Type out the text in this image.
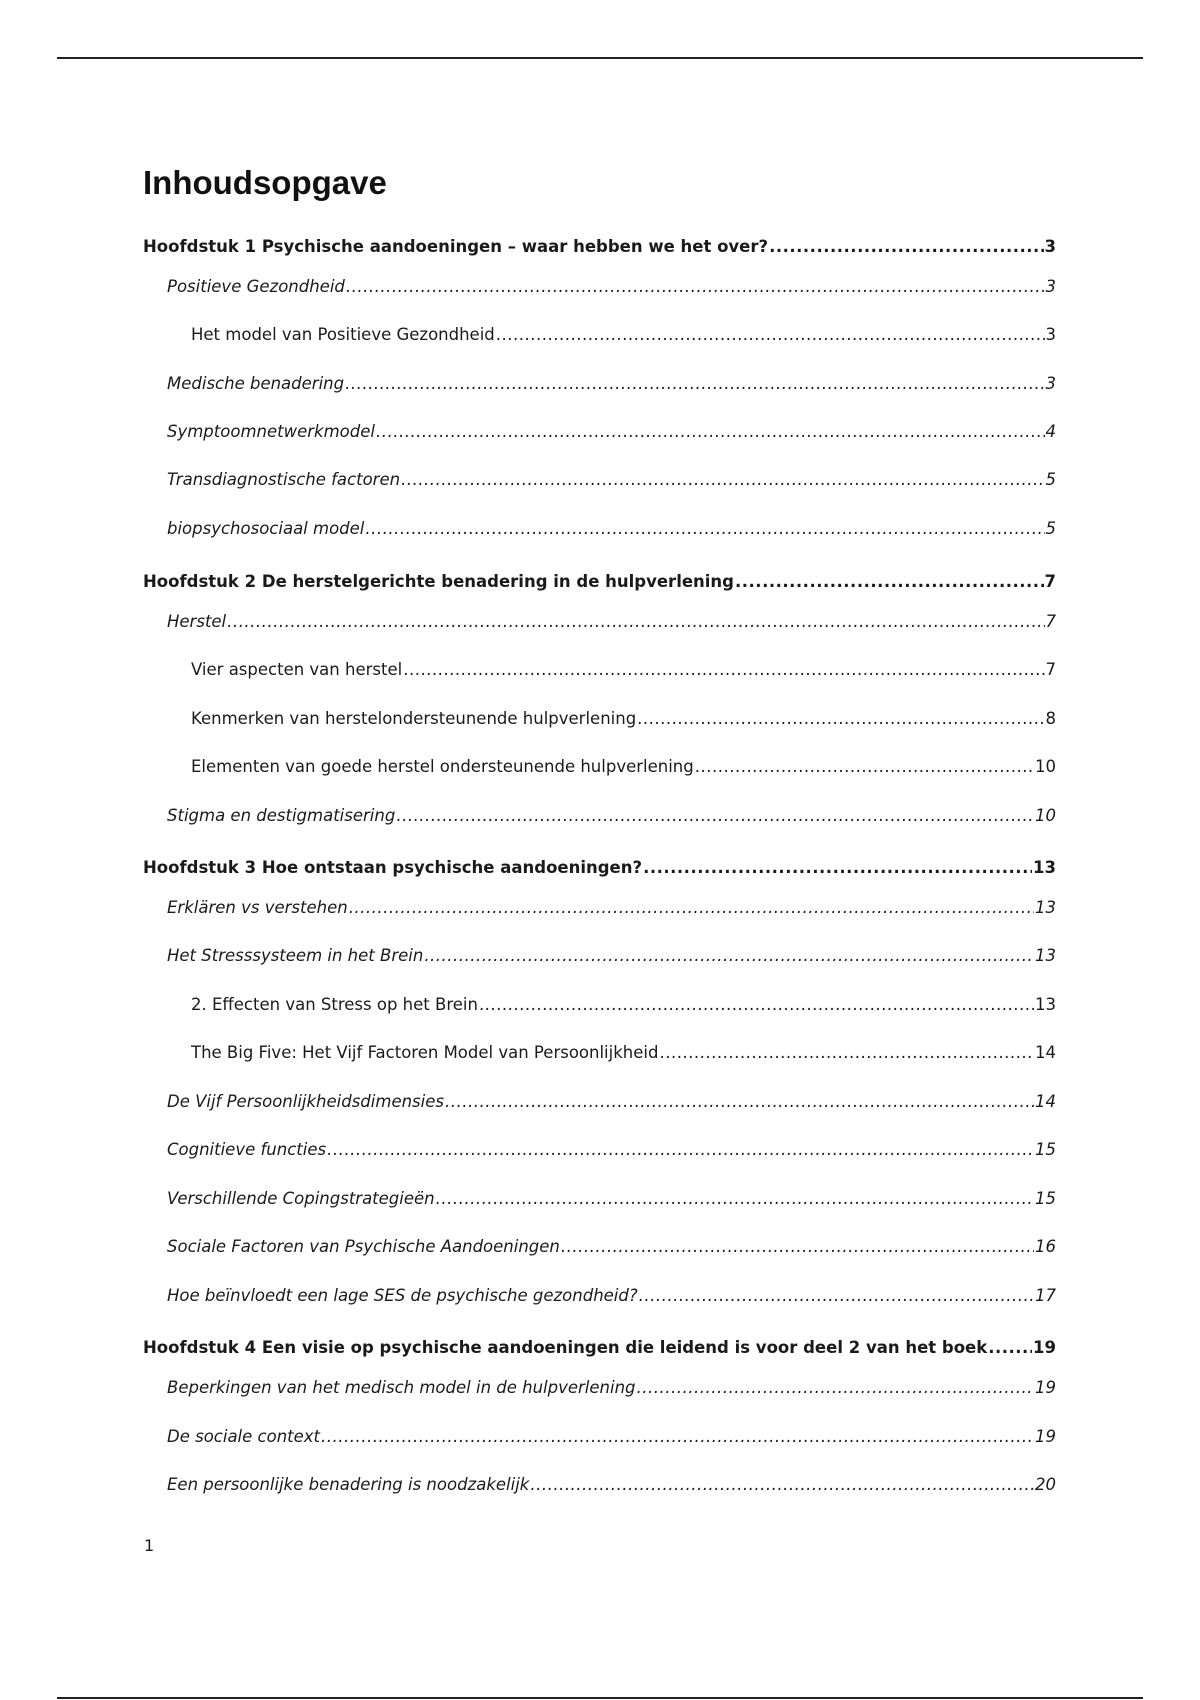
Inhoudsopgave
Hoofdstuk 1 Psychische aandoeningen – waar hebben we het over? .....	3
Positieve Gezondheid .....	3
Het model van Positieve Gezondheid .....	3
Medische benadering .....	3
Symptoomnetwerkmodel .....	4
Transdiagnostische factoren .....	5
biopsychosociaal model .....	5
Hoofdstuk 2 De herstelgerichte benadering in de hulpverlening .....	7
Herstel .....	7
Vier aspecten van herstel .....	7
Kenmerken van herstelondersteunende hulpverlening .....	8
Elementen van goede herstel ondersteunende hulpverlening .....	10
Stigma en destigmatisering .....	10
Hoofdstuk 3 Hoe ontstaan psychische aandoeningen? .....	13
Erklären vs verstehen .....	13
Het Stresssysteem in het Brein .....	13
2. Effecten van Stress op het Brein .....	13
The Big Five: Het Vijf Factoren Model van Persoonlijkheid .....	14
De Vijf Persoonlijkheidsdimensies .....	14
Cognitieve functies .....	15
Verschillende Copingstrategieën .....	15
Sociale Factoren van Psychische Aandoeningen .....	16
Hoe beïnvloedt een lage SES de psychische gezondheid? .....	17
Hoofdstuk 4 Een visie op psychische aandoeningen die leidend is voor deel 2 van het boek .....	19
Beperkingen van het medisch model in de hulpverlening .....	19
De sociale context .....	19
Een persoonlijke benadering is noodzakelijk .....	20
1
